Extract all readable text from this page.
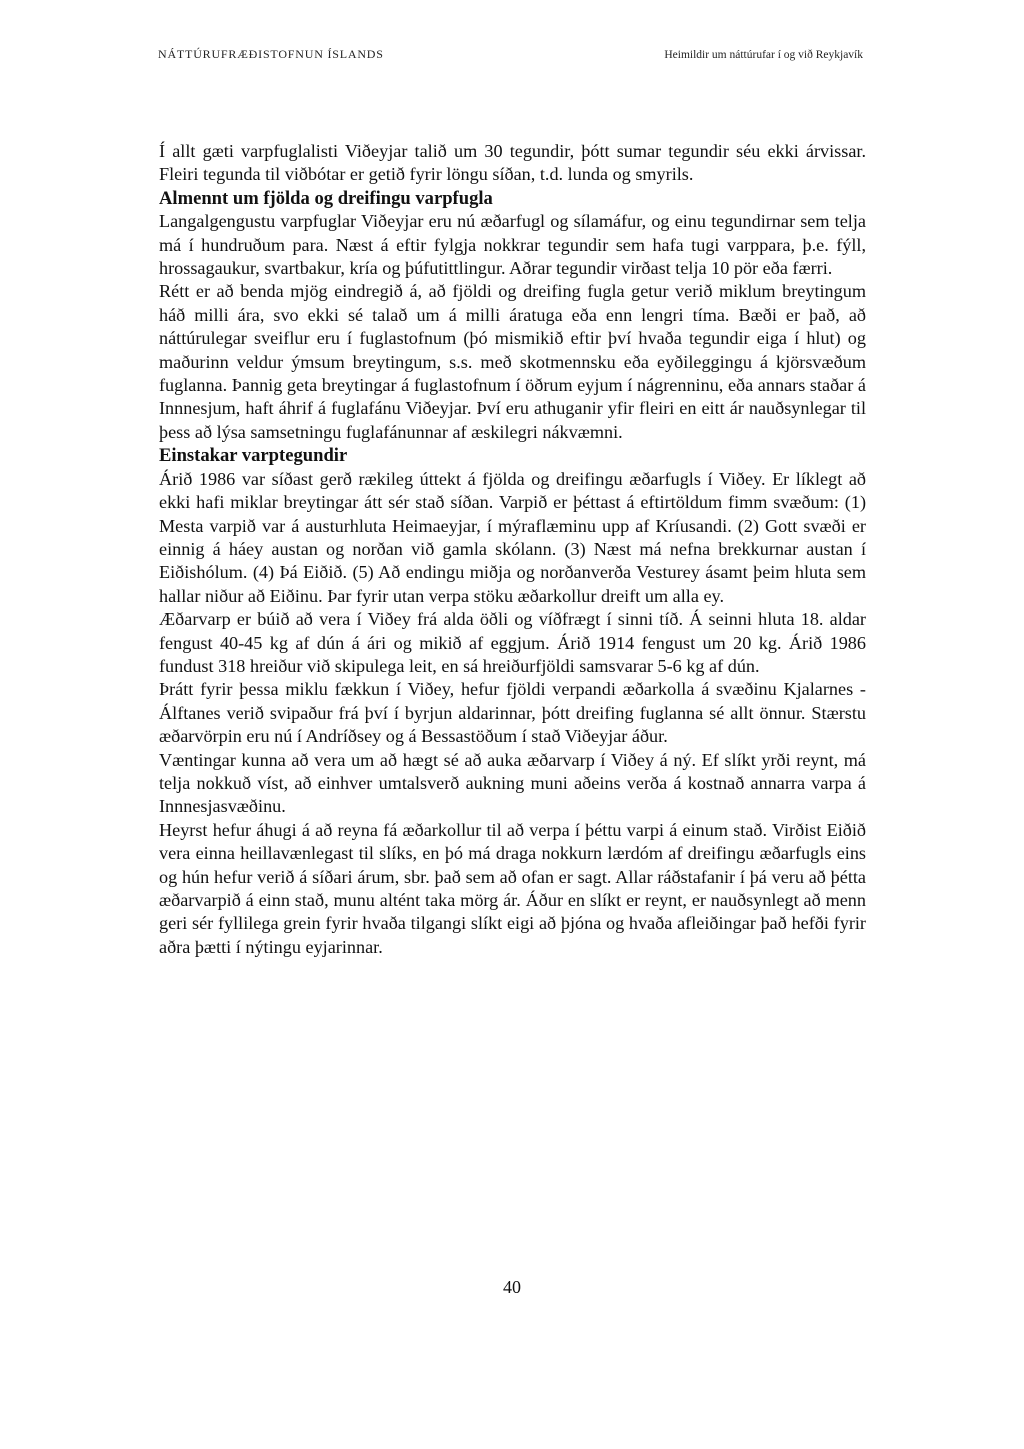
NÁTTÚRUFRÆÐISTOFNUN ÍSLANDS	Heimildir um náttúrufar í og við Reykjavík

Í allt gæti varpfuglalisti Viðeyjar talið um 30 tegundir, þótt sumar tegundir séu ekki árvissar. Fleiri tegunda til viðbótar er getið fyrir löngu síðan, t.d. lunda og smyrils.

Almennt um fjölda og dreifingu varpfugla

Langalgengustu varpfuglar Viðeyjar eru nú æðarfugl og sílamáfur, og einu tegundirnar sem telja má í hundruðum para. Næst á eftir fylgja nokkrar tegundir sem hafa tugi varppara, þ.e. fýll, hrossagaukur, svartbakur, kría og þúfutittlingur. Aðrar tegundir virðast telja 10 pör eða færri.

Rétt er að benda mjög eindregið á, að fjöldi og dreifing fugla getur verið miklum breytingum háð milli ára, svo ekki sé talað um á milli áratuga eða enn lengri tíma. Bæði er það, að náttúrulegar sveiflur eru í fuglastofnum (þó mismikið eftir því hvaða tegundir eiga í hlut) og maðurinn veldur ýmsum breytingum, s.s. með skotmennsku eða eyðileggingu á kjörsvæðum fuglanna. Þannig geta breytingar á fuglastofnum í öðrum eyjum í nágrenninu, eða annars staðar á Innnesjum, haft áhrif á fuglafánu Viðeyjar. Því eru athuganir yfir fleiri en eitt ár nauðsynlegar til þess að lýsa samsetningu fuglafánunnar af æskilegri nákvæmni.

Einstakar varptegundir

Árið 1986 var síðast gerð rækileg úttekt á fjölda og dreifingu æðarfugls í Viðey. Er líklegt að ekki hafi miklar breytingar átt sér stað síðan. Varpið er þéttast á eftirtöldum fimm svæðum: (1) Mesta varpið var á austurhluta Heimaeyjar, í mýraflæminu upp af Kríusandi. (2) Gott svæði er einnig á háey austan og norðan við gamla skólann. (3) Næst má nefna brekkurnar austan í Eiðishólum. (4) Þá Eiðið. (5) Að endingu miðja og norðanverða Vesturey ásamt þeim hluta sem hallar niður að Eiðinu. Þar fyrir utan verpa stöku æðarkollur dreift um alla ey.

Æðarvarp er búið að vera í Viðey frá alda öðli og víðfrægt í sinni tíð. Á seinni hluta 18. aldar fengust 40-45 kg af dún á ári og mikið af eggjum. Árið 1914 fengust um 20 kg. Árið 1986 fundust 318 hreiður við skipulega leit, en sá hreiðurfjöldi samsvarar 5-6 kg af dún.

Þrátt fyrir þessa miklu fækkun í Viðey, hefur fjöldi verpandi æðarkolla á svæðinu Kjalarnes - Álftanes verið svipaður frá því í byrjun aldarinnar, þótt dreifing fuglanna sé allt önnur. Stærstu æðarvörpin eru nú í Andríðsey og á Bessastöðum í stað Viðeyjar áður.

Væntingar kunna að vera um að hægt sé að auka æðarvarp í Viðey á ný. Ef slíkt yrði reynt, má telja nokkuð víst, að einhver umtalsverð aukning muni aðeins verða á kostnað annarra varpa á Innnesjasvæðinu.

Heyrst hefur áhugi á að reyna fá æðarkollur til að verpa í þéttu varpi á einum stað. Virðist Eiðið vera einna heillavænlegast til slíks, en þó má draga nokkurn lærdóm af dreifingu æðarfugls eins og hún hefur verið á síðari árum, sbr. það sem að ofan er sagt. Allar ráðstafanir í þá veru að þétta æðarvarpið á einn stað, munu altént taka mörg ár. Áður en slíkt er reynt, er nauðsynlegt að menn geri sér fyllilega grein fyrir hvaða tilgangi slíkt eigi að þjóna og hvaða afleiðingar það hefði fyrir aðra þætti í nýtingu eyjarinnar.

40
